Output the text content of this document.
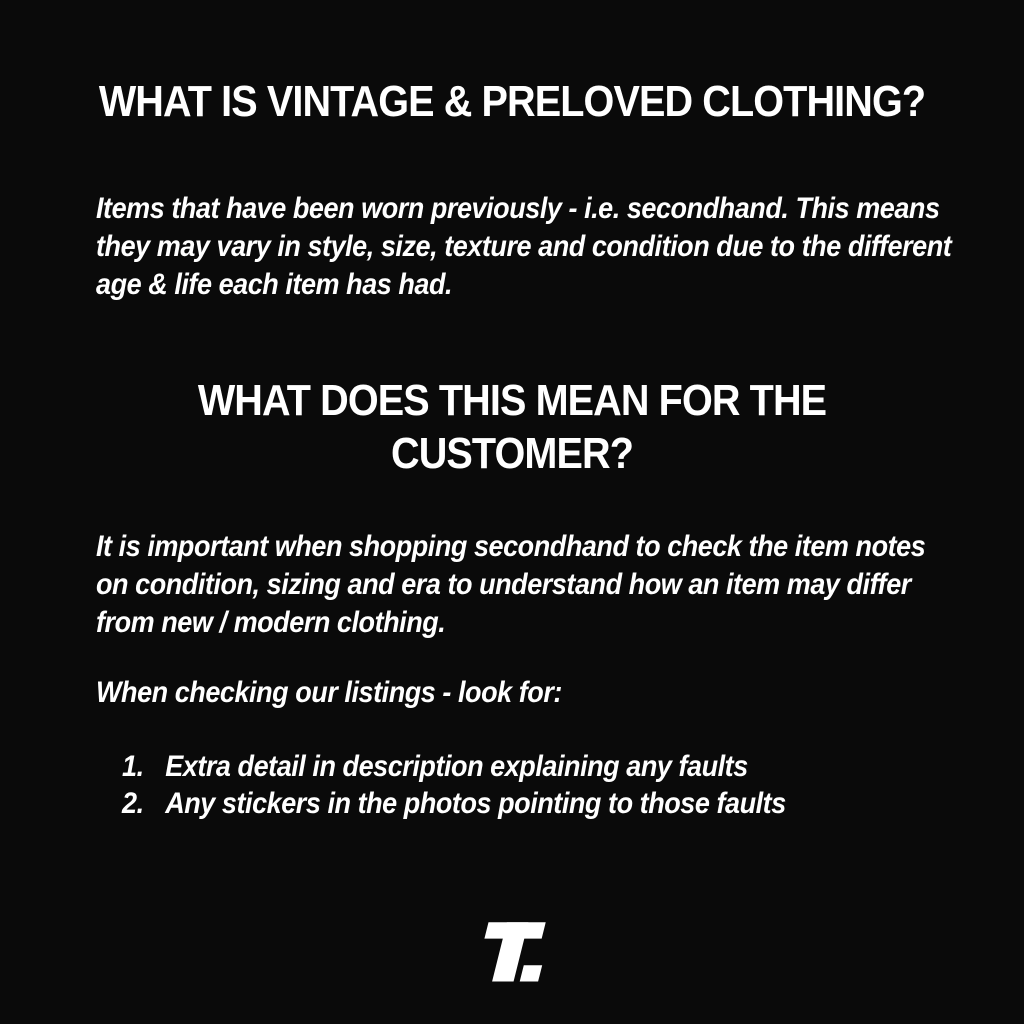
WHAT IS VINTAGE & PRELOVED CLOTHING?

Items that have been worn previously - i.e. secondhand. This means they may vary in style, size, texture and condition due to the different age & life each item has had.

WHAT DOES THIS MEAN FOR THE CUSTOMER?

It is important when shopping secondhand to check the item notes on condition, sizing and era to understand how an item may differ from new / modern clothing.

When checking our listings - look for:

1. Extra detail in description explaining any faults
2. Any stickers in the photos pointing to those faults
